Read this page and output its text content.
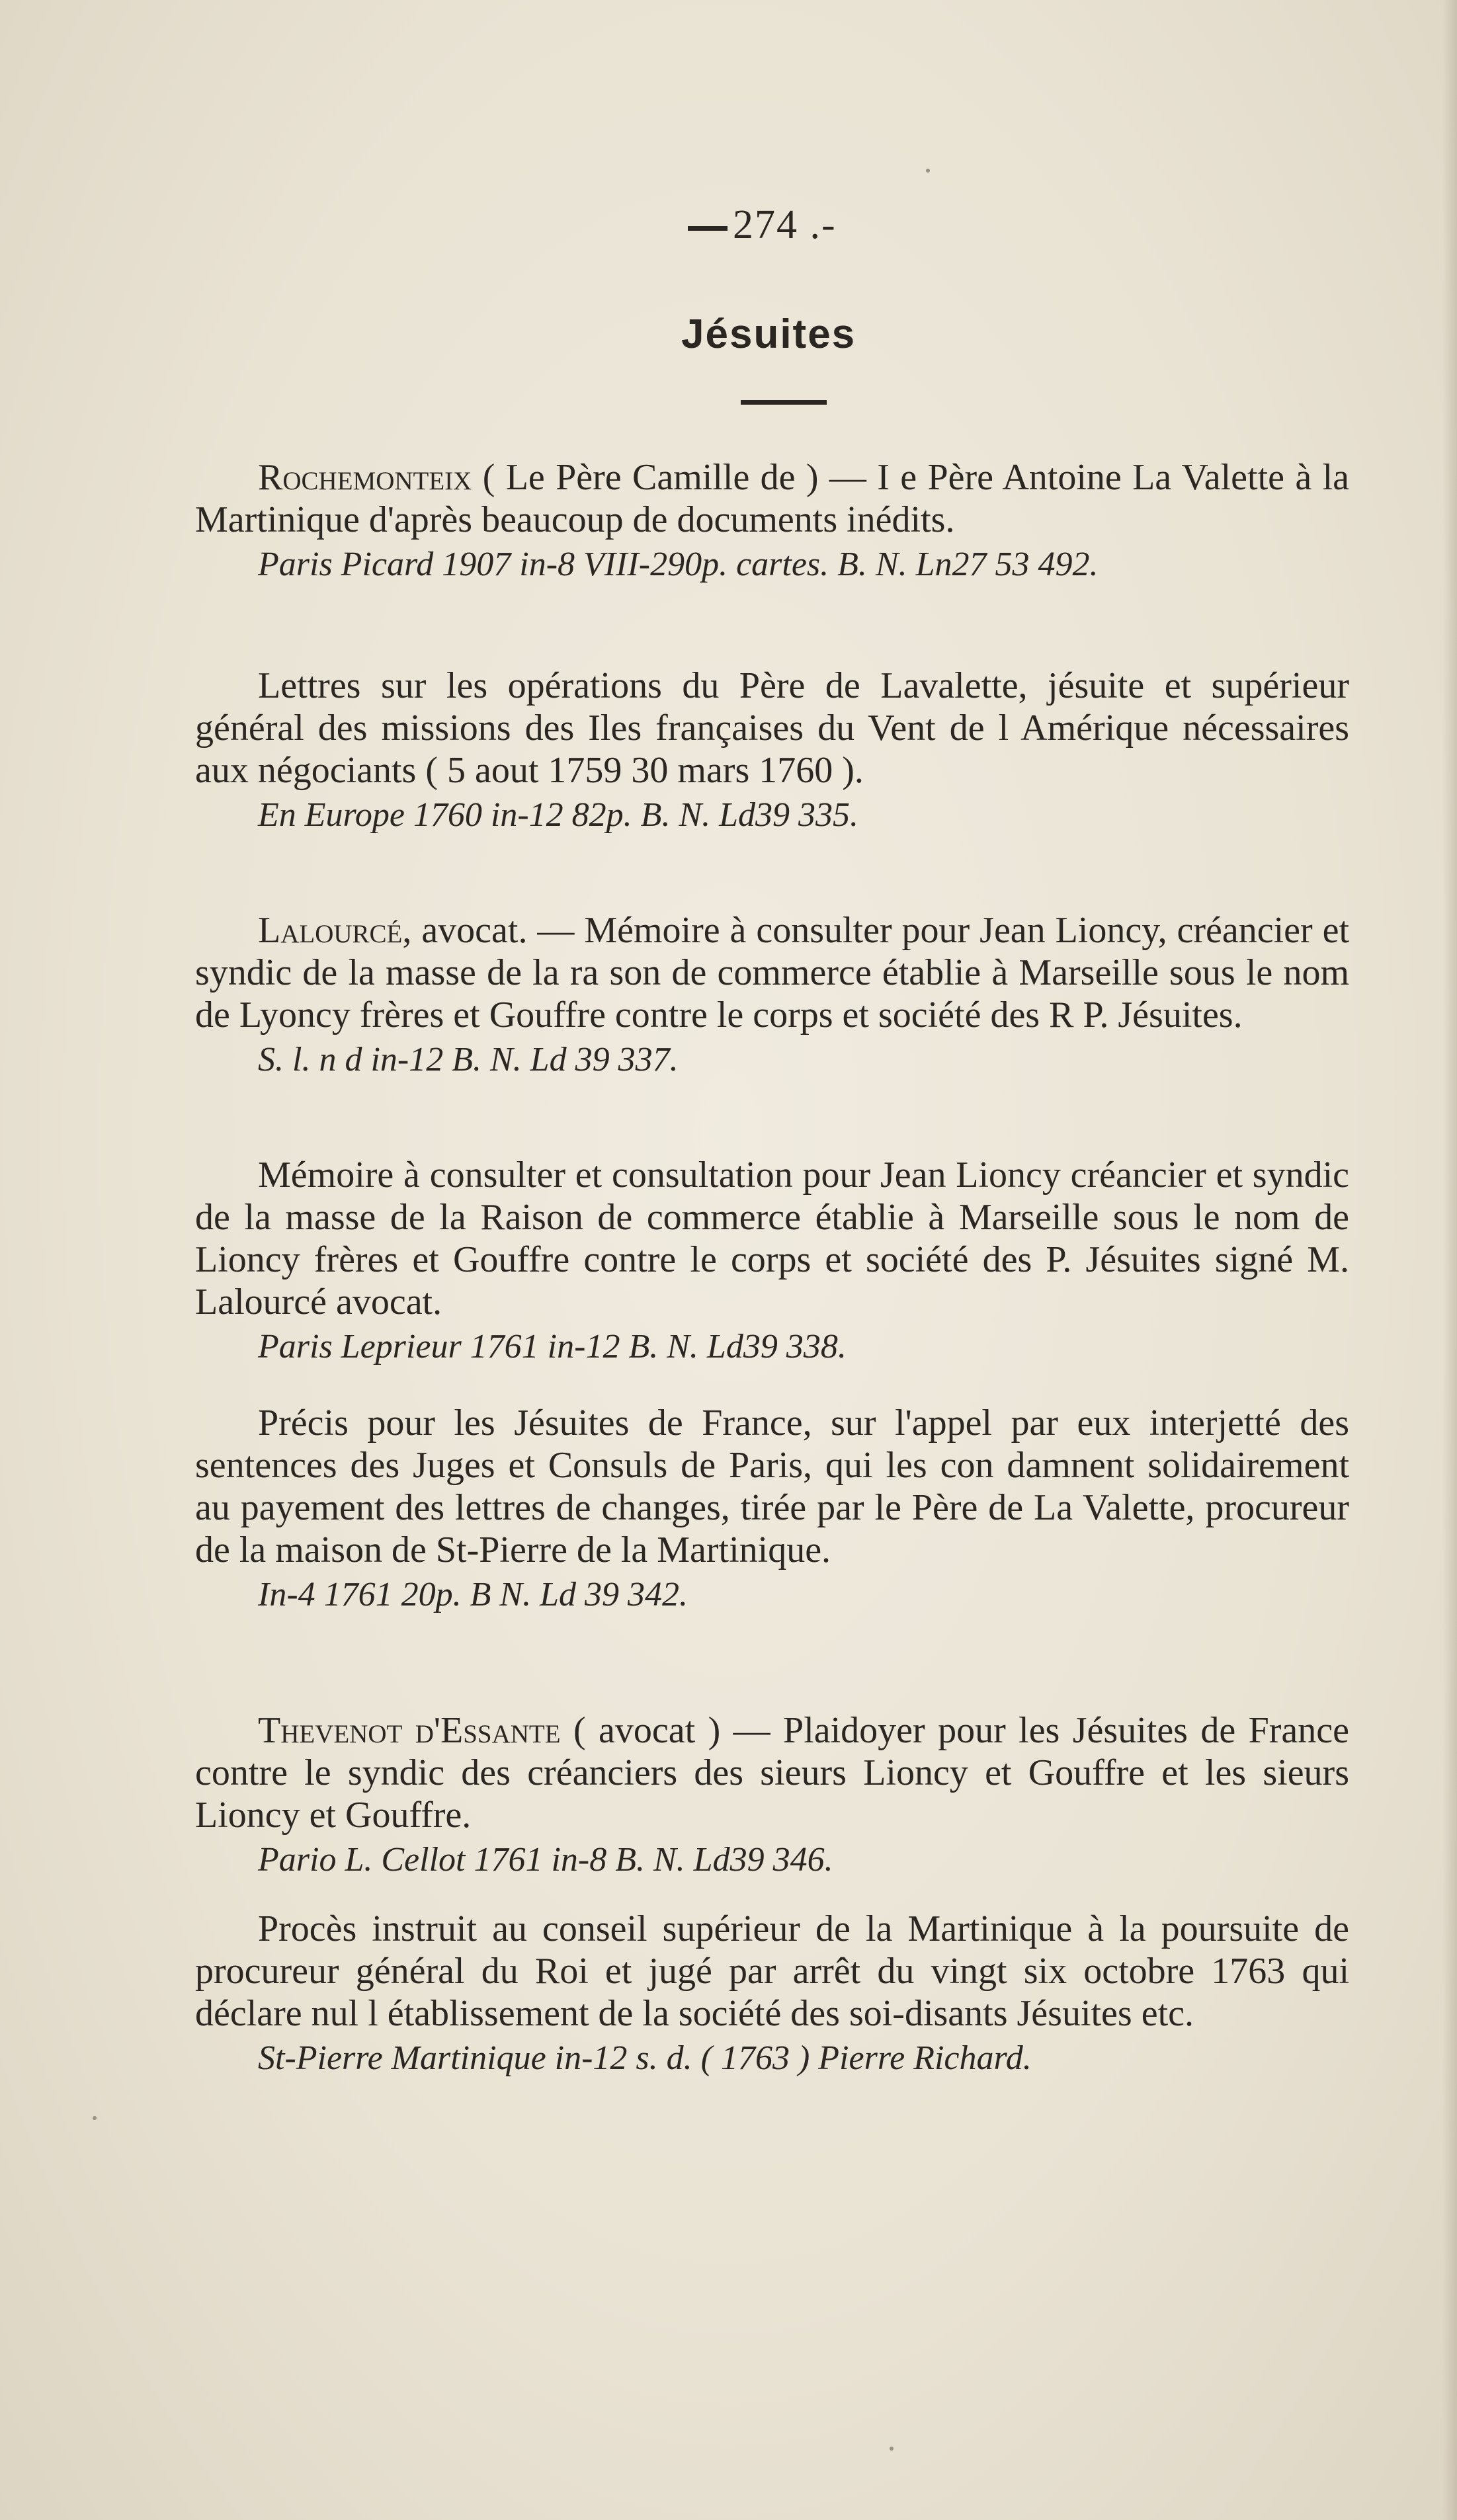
274 .-
Jésuites

Rochemonteix ( Le Père Camille de ) — I e Père Antoine La Valette à la Martinique d'après beaucoup de documents inédits.

Paris Picard 1907 in-8 VIII-290p. cartes. B. N. Ln27 53 492.

Lettres sur les opérations du Père de Lavalette, jésuite et supérieur général des missions des Iles françaises du Vent de l Amérique nécessaires aux négociants ( 5 aout 1759 30 mars 1760 ).

En Europe 1760 in-12 82p. B. N. Ld39 335.

Lalourcé, avocat. — Mémoire à consulter pour Jean Lioncy, créancier et syndic de la masse de la ra son de commerce établie à Marseille sous le nom de Lyoncy frères et Gouffre contre le corps et société des R P. Jésuites.

S. l. n d in-12 B. N. Ld 39 337.

Mémoire à consulter et consultation pour Jean Lioncy créancier et syndic de la masse de la Raison de commerce établie à Marseille sous le nom de Lioncy frères et Gouffre contre le corps et société des P. Jésuites signé M. Lalourcé avocat.

Paris Leprieur 1761 in-12 B. N. Ld39 338.

Précis pour les Jésuites de France, sur l'appel par eux interjetté des sentences des Juges et Consuls de Paris, qui les con damnent solidairement au payement des lettres de changes, tirée par le Père de La Valette, procureur de la maison de St-Pierre de la Martinique.

In-4 1761 20p. B N. Ld 39 342.

Thevenot d'Essante ( avocat ) — Plaidoyer pour les Jésuites de France contre le syndic des créanciers des sieurs Lioncy et Gouffre et les sieurs Lioncy et Gouffre.

Pario L. Cellot 1761 in-8 B. N. Ld39 346.

Procès instruit au conseil supérieur de la Martinique à la poursuite de procureur général du Roi et jugé par arrêt du vingt six octobre 1763 qui déclare nul l établissement de la société des soi-disants Jésuites etc.

St-Pierre Martinique in-12 s. d. ( 1763 ) Pierre Richard.
